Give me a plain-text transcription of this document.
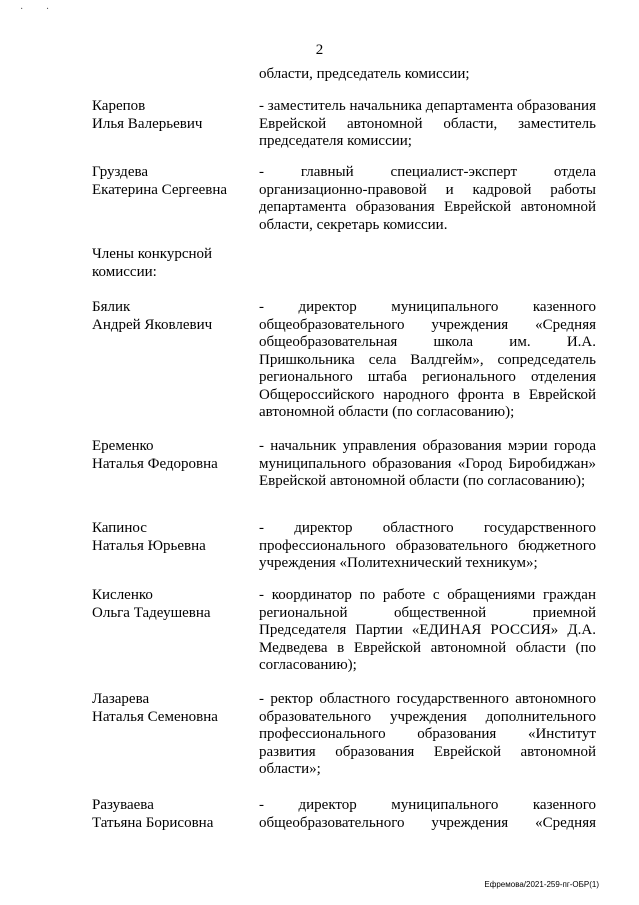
· ·
2
области, председатель комиссии;
Карепов
Илья Валерьевич
- заместитель начальника департамента образования Еврейской автономной области, заместитель председателя комиссии;
Груздева
Екатерина Сергеевна
- главный специалист-эксперт отдела организационно-правовой и кадровой работы департамента образования Еврейской автономной области, секретарь комиссии.
Члены конкурсной
комиссии:
Бялик
Андрей Яковлевич
- директор муниципального казенного общеобразовательного учреждения «Средняя общеобразовательная школа им. И.А. Пришкольника села Валдгейм», сопредседатель регионального штаба регионального отделения Общероссийского народного фронта в Еврейской автономной области (по согласованию);
Еременко
Наталья Федоровна
- начальник управления образования мэрии города муниципального образования «Город Биробиджан» Еврейской автономной области (по согласованию);
Капинос
Наталья Юрьевна
- директор областного государственного профессионального образовательного бюджетного учреждения «Политехнический техникум»;
Кисленко
Ольга Тадеушевна
- координатор по работе с обращениями граждан региональной общественной приемной Председателя Партии «ЕДИНАЯ РОССИЯ» Д.А. Медведева в Еврейской автономной области (по согласованию);
Лазарева
Наталья Семеновна
- ректор областного государственного автономного образовательного учреждения дополнительного профессионального образования «Институт развития образования Еврейской автономной области»;
Разуваева
Татьяна Борисовна
- директор муниципального казенного общеобразовательного учреждения «Средняя
Ефремова/2021-259-пг-ОБР(1)
